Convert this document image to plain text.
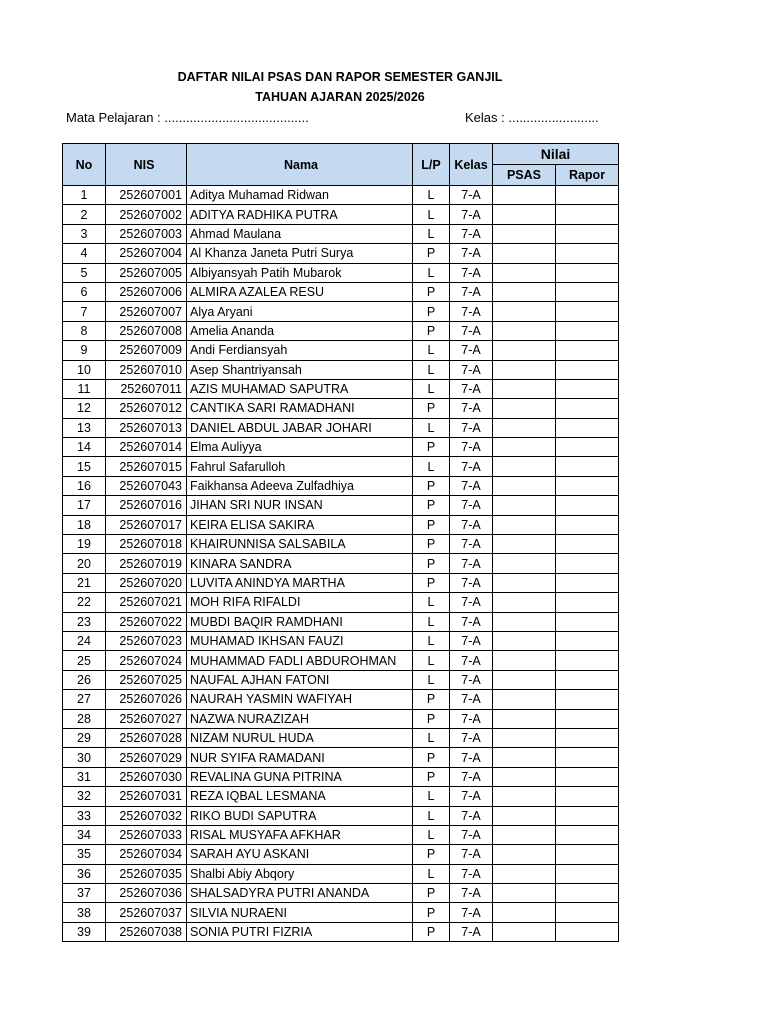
DAFTAR NILAI PSAS DAN RAPOR SEMESTER GANJIL
TAHUAN AJARAN 2025/2026
Mata Pelajaran : ........................................	Kelas : .........................
No	NIS	Nama	L/P	Kelas	Nilai	
					PSAS	Rapor
1	252607001	Aditya Muhamad Ridwan	L	7-A		
2	252607002	ADITYA RADHIKA PUTRA	L	7-A		
3	252607003	Ahmad Maulana	L	7-A		
4	252607004	Al Khanza Janeta Putri Surya	P	7-A		
5	252607005	Albiyansyah Patih Mubarok	L	7-A		
6	252607006	ALMIRA AZALEA RESU	P	7-A		
7	252607007	Alya Aryani	P	7-A		
8	252607008	Amelia Ananda	P	7-A		
9	252607009	Andi Ferdiansyah	L	7-A		
10	252607010	Asep Shantriyansah	L	7-A		
11	252607011	AZIS MUHAMAD SAPUTRA	L	7-A		
12	252607012	CANTIKA SARI RAMADHANI	P	7-A		
13	252607013	DANIEL ABDUL JABAR JOHARI	L	7-A		
14	252607014	Elma Auliyya	P	7-A		
15	252607015	Fahrul Safarulloh	L	7-A		
16	252607043	Faikhansa Adeeva Zulfadhiya	P	7-A		
17	252607016	JIHAN SRI NUR INSAN	P	7-A		
18	252607017	KEIRA ELISA SAKIRA	P	7-A		
19	252607018	KHAIRUNNISA SALSABILA	P	7-A		
20	252607019	KINARA SANDRA	P	7-A		
21	252607020	LUVITA ANINDYA MARTHA	P	7-A		
22	252607021	MOH RIFA RIFALDI	L	7-A		
23	252607022	MUBDI BAQIR RAMDHANI	L	7-A		
24	252607023	MUHAMAD IKHSAN FAUZI	L	7-A		
25	252607024	MUHAMMAD FADLI ABDUROHMAN	L	7-A		
26	252607025	NAUFAL AJHAN FATONI	L	7-A		
27	252607026	NAURAH YASMIN WAFIYAH	P	7-A		
28	252607027	NAZWA NURAZIZAH	P	7-A		
29	252607028	NIZAM NURUL HUDA	L	7-A		
30	252607029	NUR SYIFA RAMADANI	P	7-A		
31	252607030	REVALINA GUNA PITRINA	P	7-A		
32	252607031	REZA IQBAL LESMANA	L	7-A		
33	252607032	RIKO BUDI SAPUTRA	L	7-A		
34	252607033	RISAL MUSYAFA AFKHAR	L	7-A		
35	252607034	SARAH AYU ASKANI	P	7-A		
36	252607035	Shalbi Abiy Abqory	L	7-A		
37	252607036	SHALSADYRA PUTRI ANANDA	P	7-A		
38	252607037	SILVIA NURAENI	P	7-A		
39	252607038	SONIA PUTRI FIZRIA	P	7-A		
